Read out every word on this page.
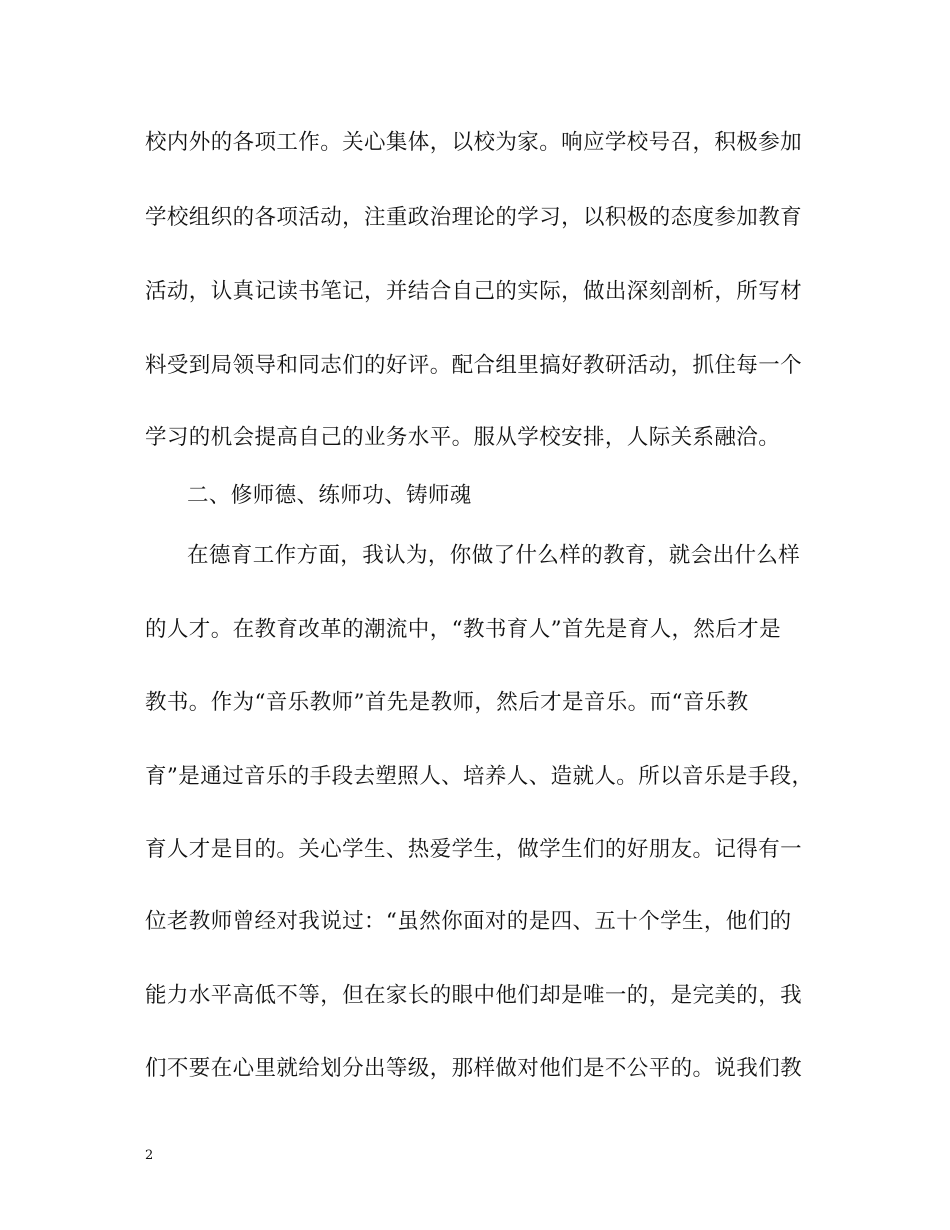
校内外的各项工作。关心集体，以校为家。响应学校号召，积极参加
学校组织的各项活动，注重政治理论的学习，以积极的态度参加教育
活动，认真记读书笔记，并结合自己的实际，做出深刻剖析，所写材
料受到局领导和同志们的好评。配合组里搞好教研活动，抓住每一个
学习的机会提高自己的业务水平。服从学校安排，人际关系融洽。
二、修师德、练师功、铸师魂
在德育工作方面，我认为，你做了什么样的教育，就会出什么样
的人才。在教育改革的潮流中，“教书育人”首先是育人，然后才是
教书。作为“音乐教师”首先是教师，然后才是音乐。而“音乐教
育”是通过音乐的手段去塑照人、培养人、造就人。所以音乐是手段，
育人才是目的。关心学生、热爱学生，做学生们的好朋友。记得有一
位老教师曾经对我说过：“虽然你面对的是四、五十个学生，他们的
能力水平高低不等，但在家长的眼中他们却是唯一的，是完美的，我
们不要在心里就给划分出等级，那样做对他们是不公平的。说我们教
2
